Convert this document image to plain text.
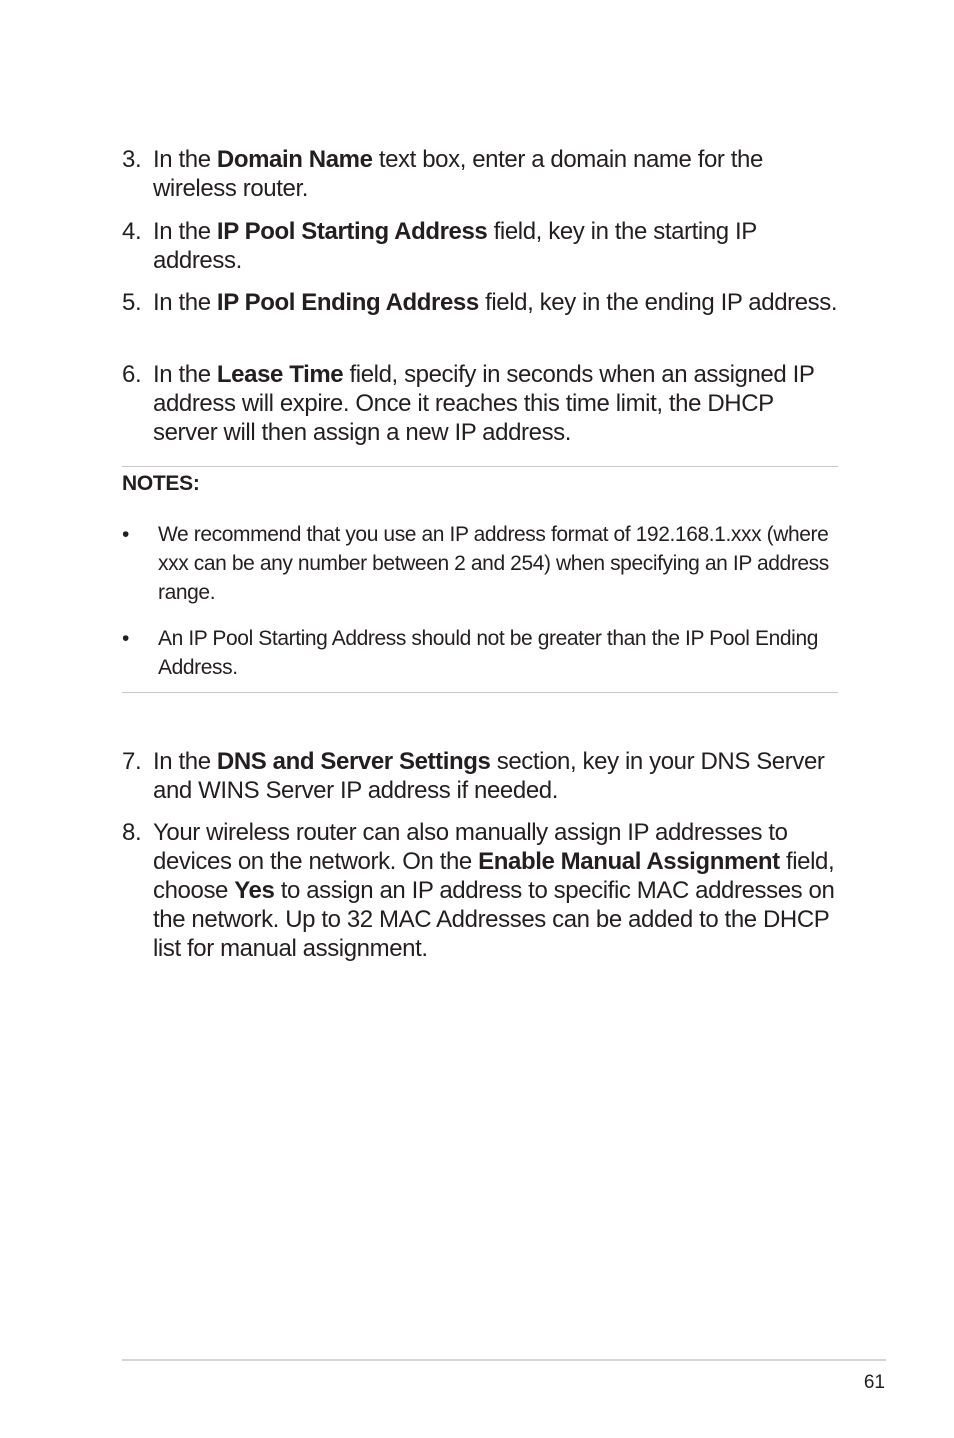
3. In the Domain Name text box, enter a domain name for the wireless router.
4. In the IP Pool Starting Address field, key in the starting IP address.
5. In the IP Pool Ending Address field, key in the ending IP address.
6. In the Lease Time field, specify in seconds when an assigned IP address will expire. Once it reaches this time limit, the DHCP server will then assign a new IP address.
NOTES:
• We recommend that you use an IP address format of 192.168.1.xxx (where xxx can be any number between 2 and 254) when specifying an IP address range.
• An IP Pool Starting Address should not be greater than the IP Pool Ending Address.
7. In the DNS and Server Settings section, key in your DNS Server and WINS Server IP address if needed.
8. Your wireless router can also manually assign IP addresses to devices on the network. On the Enable Manual Assignment field, choose Yes to assign an IP address to specific MAC addresses on the network. Up to 32 MAC Addresses can be added to the DHCP list for manual assignment.
61
